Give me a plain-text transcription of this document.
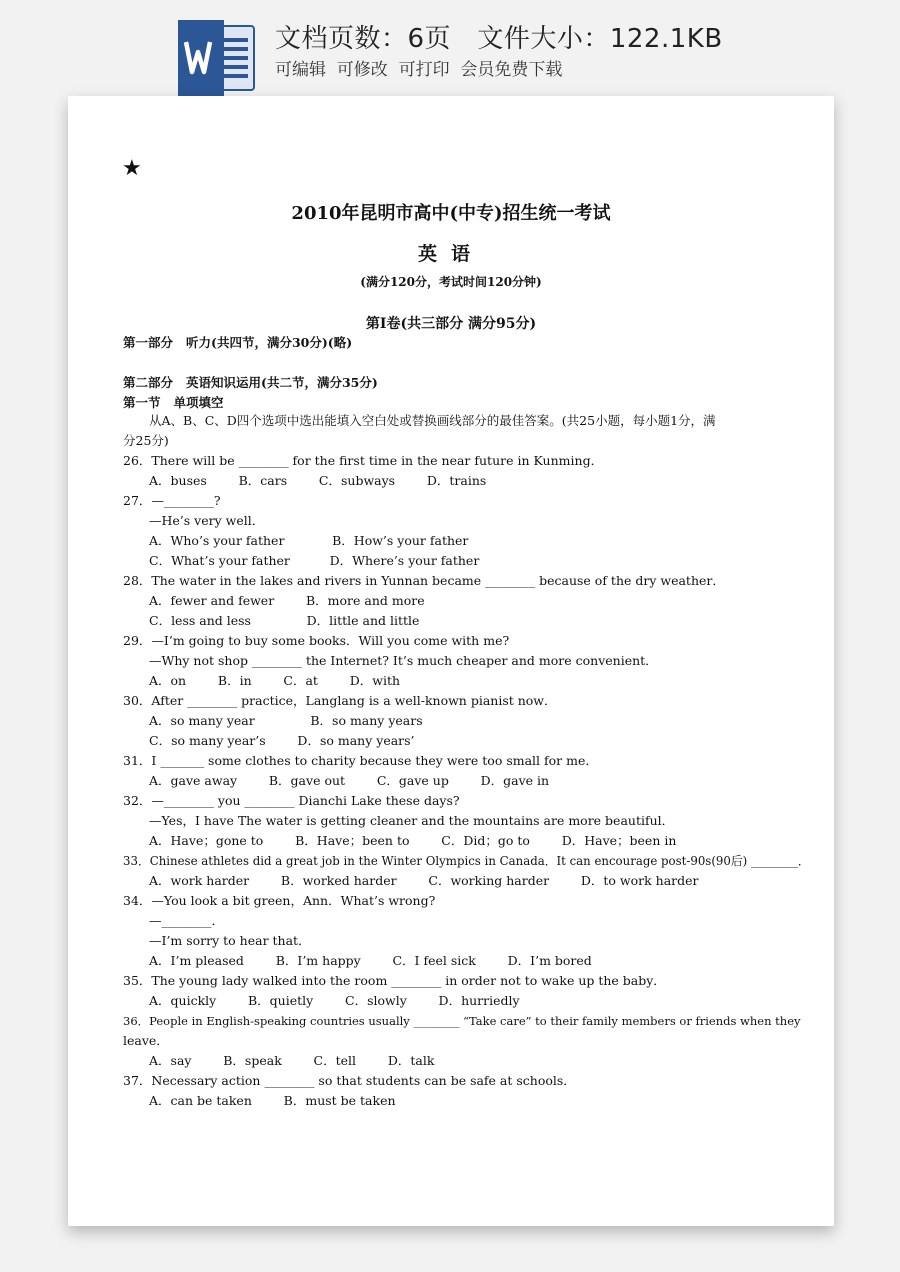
文档页数：6页 文件大小：122.1KB
可编辑  可修改  可打印  会员免费下载
★
2010年昆明市高中(中专)招生统一考试
英语
(满分120分，考试时间120分钟)
第Ⅰ卷(共三部分 满分95分)
第一部分   听力(共四节，满分30分)(略)
第二部分   英语知识运用(共二节，满分35分)
第一节   单项填空
从A、B、C、D四个选项中选出能填入空白处或替换画线部分的最佳答案。(共25小题，每小题1分，满
分25分)
26．There will be ________ for the first time in the near future in Kunming．
A．buses        B．cars        C．subways        D．trains
27．—________?
—He’s very well．
A．Who’s your father            B．How’s your father
C．What’s your father          D．Where’s your father
28．The water in the lakes and rivers in Yunnan became ________ because of the dry weather．
A．fewer and fewer        B．more and more
C．less and less              D．little and little
29．—I’m going to buy some books．Will you come with me?
—Why not shop ________ the Internet? It’s much cheaper and more convenient．
A．on        B．in        C．at        D．with
30．After ________ practice，Langlang is a well-known pianist now．
A．so many year              B．so many years
C．so many year’s        D．so many years’
31．I _______ some clothes to charity because they were too small for me．
A．gave away        B．gave out        C．gave up        D．gave in
32．—________ you ________ Dianchi Lake these days?
—Yes，I have The water is getting cleaner and the mountains are more beautiful．
A．Have；gone to        B．Have；been to        C．Did；go to        D．Have；been in
33．Chinese athletes did a great job in the Winter Olympics in Canada．It can encourage post-90s(90后) ________．
A．work harder        B．worked harder        C．working harder        D．to work harder
34．—You look a bit green，Ann．What’s wrong?
—________．
—I’m sorry to hear that．
A．I’m pleased        B．I’m happy        C．I feel sick        D．I’m bored
35．The young lady walked into the room ________ in order not to wake up the baby．
A．quickly        B．quietly        C．slowly        D．hurriedly
36．People in English-speaking countries usually ________ “Take care” to their family members or friends when they
leave．
A．say        B．speak        C．tell        D．talk
37．Necessary action ________ so that students can be safe at schools．
A．can be taken        B．must be taken
